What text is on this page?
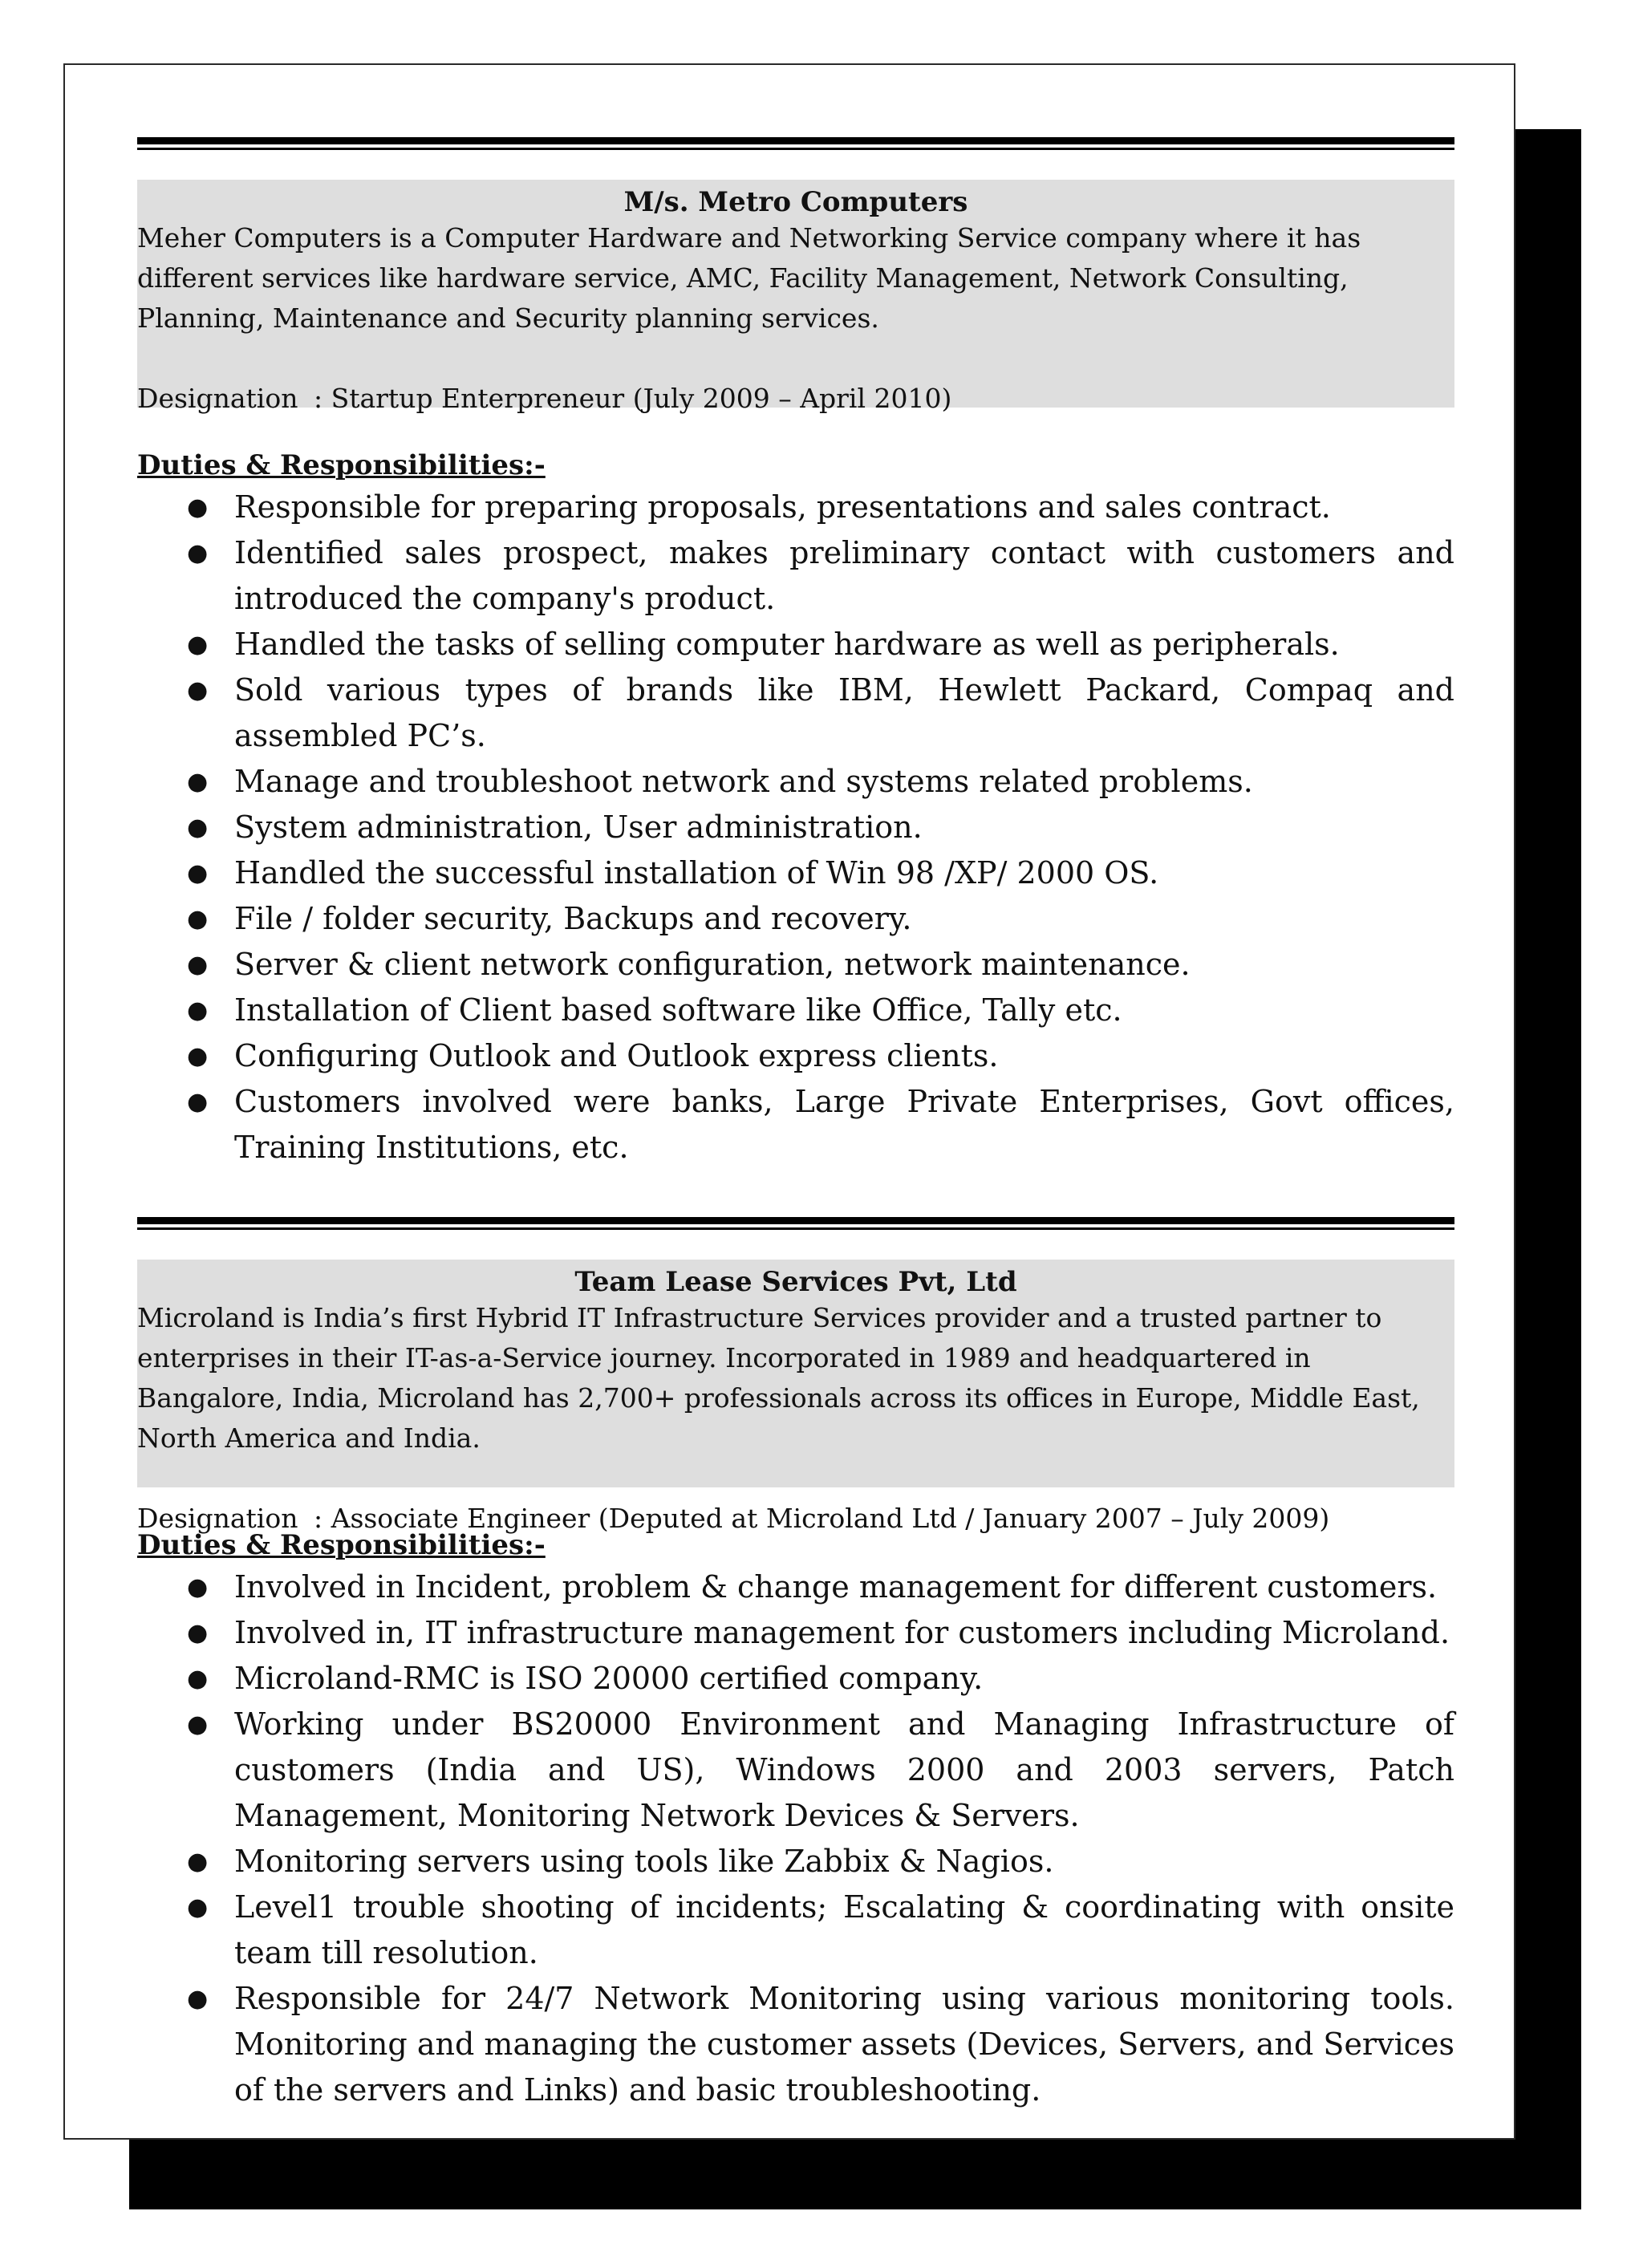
M/s. Metro Computers

Meher Computers is a Computer Hardware and Networking Service company where it has different services like hardware service, AMC, Facility Management, Network Consulting, Planning, Maintenance and Security planning services.

Designation : Startup Enterpreneur (July 2009 – April 2010)
Duties & Responsibilities:-
● Responsible for preparing proposals, presentations and sales contract.
● Identified sales prospect, makes preliminary contact with customers and introduced the company's product.
● Handled the tasks of selling computer hardware as well as peripherals.
● Sold various types of brands like IBM, Hewlett Packard, Compaq and assembled PC’s.
● Manage and troubleshoot network and systems related problems.
● System administration, User administration.
● Handled the successful installation of Win 98 /XP/ 2000 OS.
● File / folder security, Backups and recovery.
● Server & client network configuration, network maintenance.
● Installation of Client based software like Office, Tally etc.
● Configuring Outlook and Outlook express clients.
● Customers involved were banks, Large Private Enterprises, Govt offices, Training Institutions, etc.
Team Lease Services Pvt, Ltd

Microland is India’s first Hybrid IT Infrastructure Services provider and a trusted partner to enterprises in their IT-as-a-Service journey. Incorporated in 1989 and headquartered in Bangalore, India, Microland has 2,700+ professionals across its offices in Europe, Middle East, North America and India.

Designation : Associate Engineer (Deputed at Microland Ltd / January 2007 – July 2009)
Duties & Responsibilities:-
● Involved in Incident, problem & change management for different customers.
● Involved in, IT infrastructure management for customers including Microland.
● Microland-RMC is ISO 20000 certified company.
● Working under BS20000 Environment and Managing Infrastructure of customers (India and US), Windows 2000 and 2003 servers, Patch Management, Monitoring Network Devices & Servers.
● Monitoring servers using tools like Zabbix & Nagios.
● Level1 trouble shooting of incidents; Escalating & coordinating with onsite team till resolution.
● Responsible for 24/7 Network Monitoring using various monitoring tools. Monitoring and managing the customer assets (Devices, Servers, and Services of the servers and Links) and basic troubleshooting.
